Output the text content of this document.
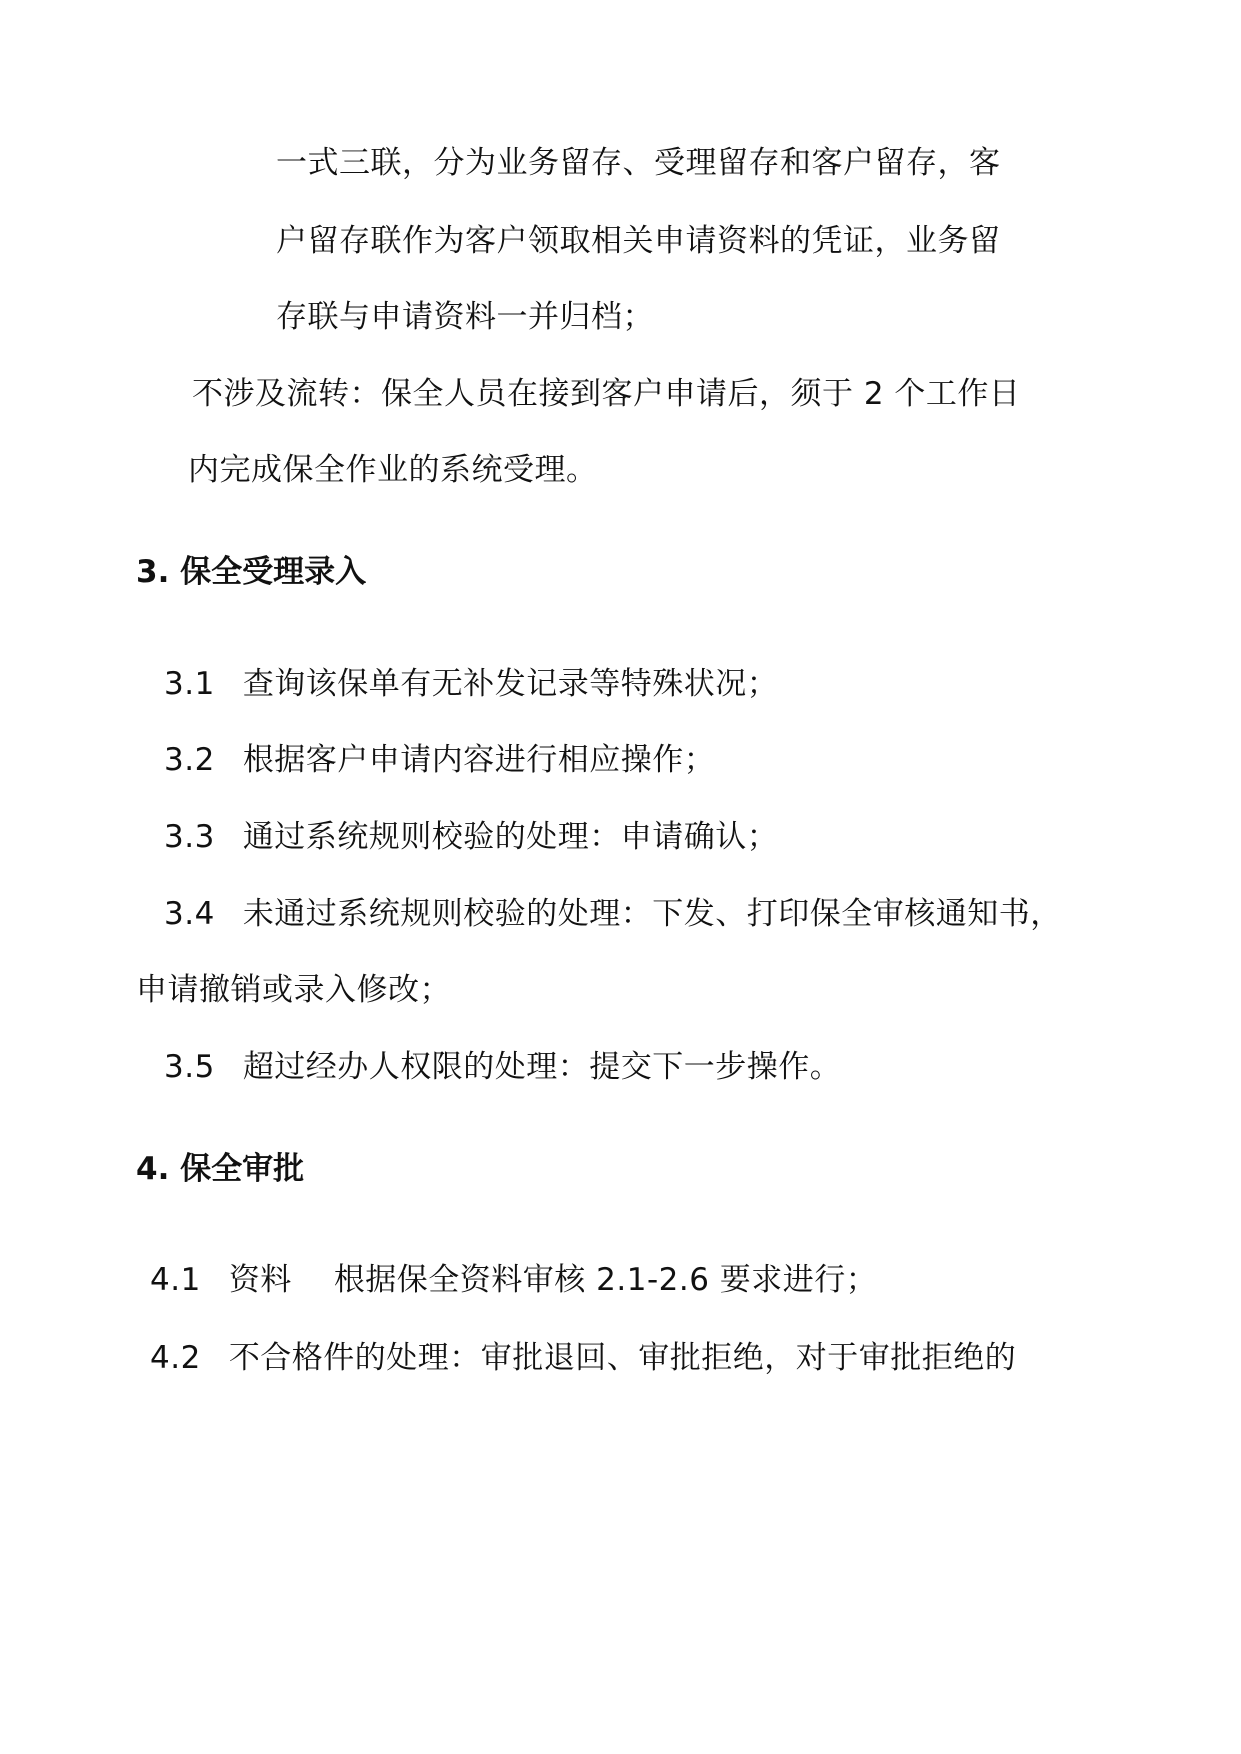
一式三联，分为业务留存、受理留存和客户留存，客
户留存联作为客户领取相关申请资料的凭证，业务留
存联与申请资料一并归档；
不涉及流转：保全人员在接到客户申请后，须于 2 个工作日
内完成保全作业的系统受理。
3. 保全受理录入
3.1 查询该保单有无补发记录等特殊状况；
3.2 根据客户申请内容进行相应操作；
3.3 通过系统规则校验的处理：申请确认；
3.4 未通过系统规则校验的处理：下发、打印保全审核通知书，
申请撤销或录入修改；
3.5 超过经办人权限的处理：提交下一步操作。
4. 保全审批
4.1 资料 根据保全资料审核 2.1-2.6 要求进行；
4.2 不合格件的处理：审批退回、审批拒绝，对于审批拒绝的
